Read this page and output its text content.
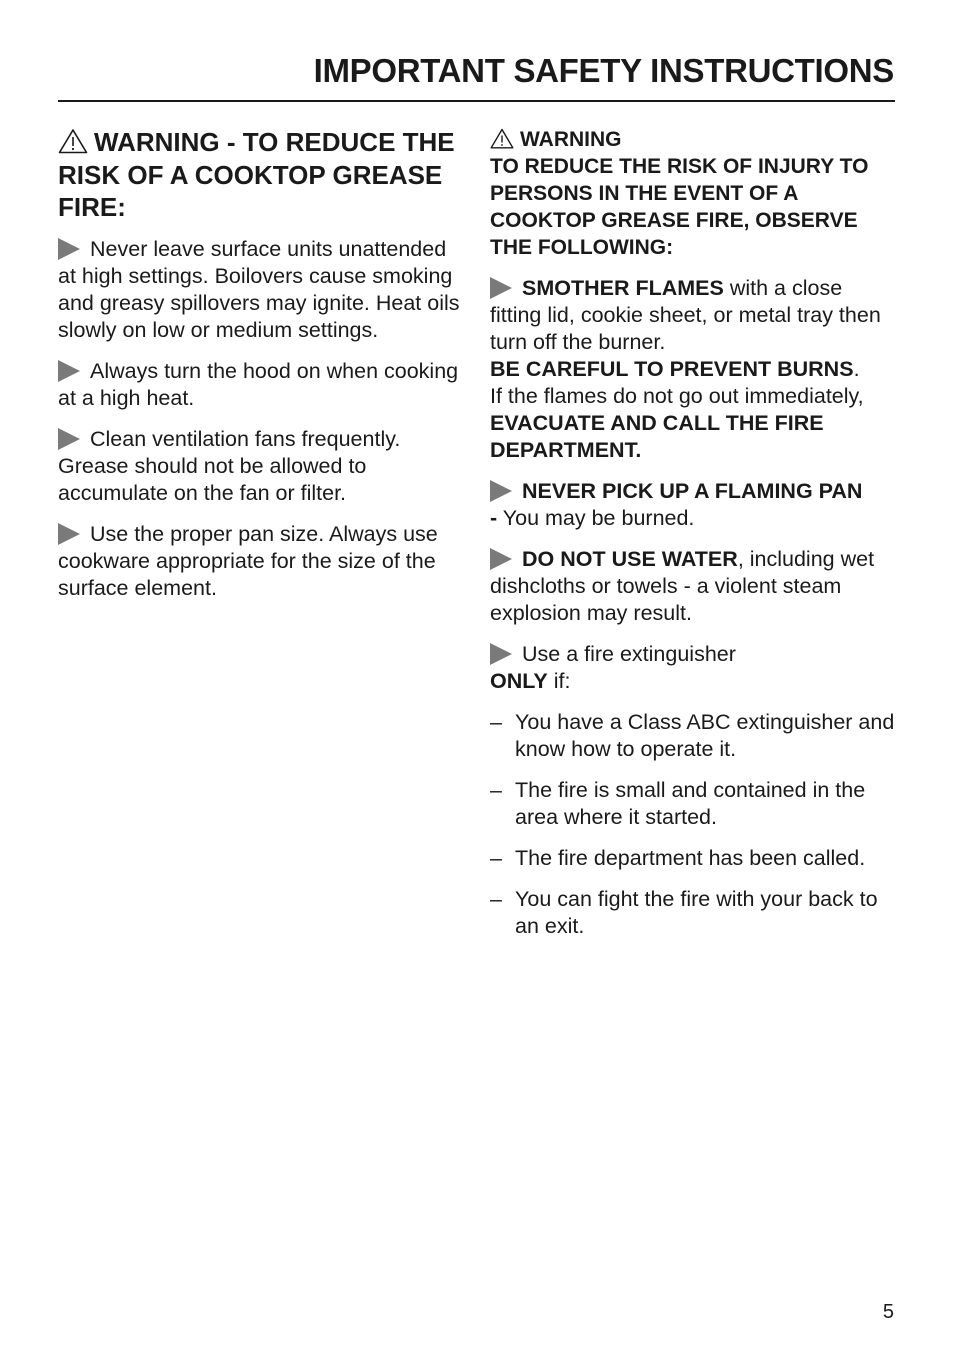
IMPORTANT SAFETY INSTRUCTIONS
WARNING - TO REDUCE THE RISK OF A COOKTOP GREASE FIRE:

Never leave surface units unattended at high settings. Boilovers cause smoking and greasy spillovers may ignite. Heat oils slowly on low or medium settings.

Always turn the hood on when cooking at a high heat.

Clean ventilation fans frequently. Grease should not be allowed to accumulate on the fan or filter.

Use the proper pan size. Always use cookware appropriate for the size of the surface element.

WARNING
TO REDUCE THE RISK OF INJURY TO PERSONS IN THE EVENT OF A COOKTOP GREASE FIRE, OBSERVE THE FOLLOWING:

SMOTHER FLAMES with a close fitting lid, cookie sheet, or metal tray then turn off the burner.

BE CAREFUL TO PREVENT BURNS.

If the flames do not go out immediately, EVACUATE AND CALL THE FIRE DEPARTMENT.

NEVER PICK UP A FLAMING PAN
- You may be burned.

DO NOT USE WATER, including wet dishcloths or towels - a violent steam explosion may result.

Use a fire extinguisher
ONLY if:

– You have a Class ABC extinguisher and know how to operate it.
– The fire is small and contained in the area where it started.
– The fire department has been called.
– You can fight the fire with your back to an exit.
5
